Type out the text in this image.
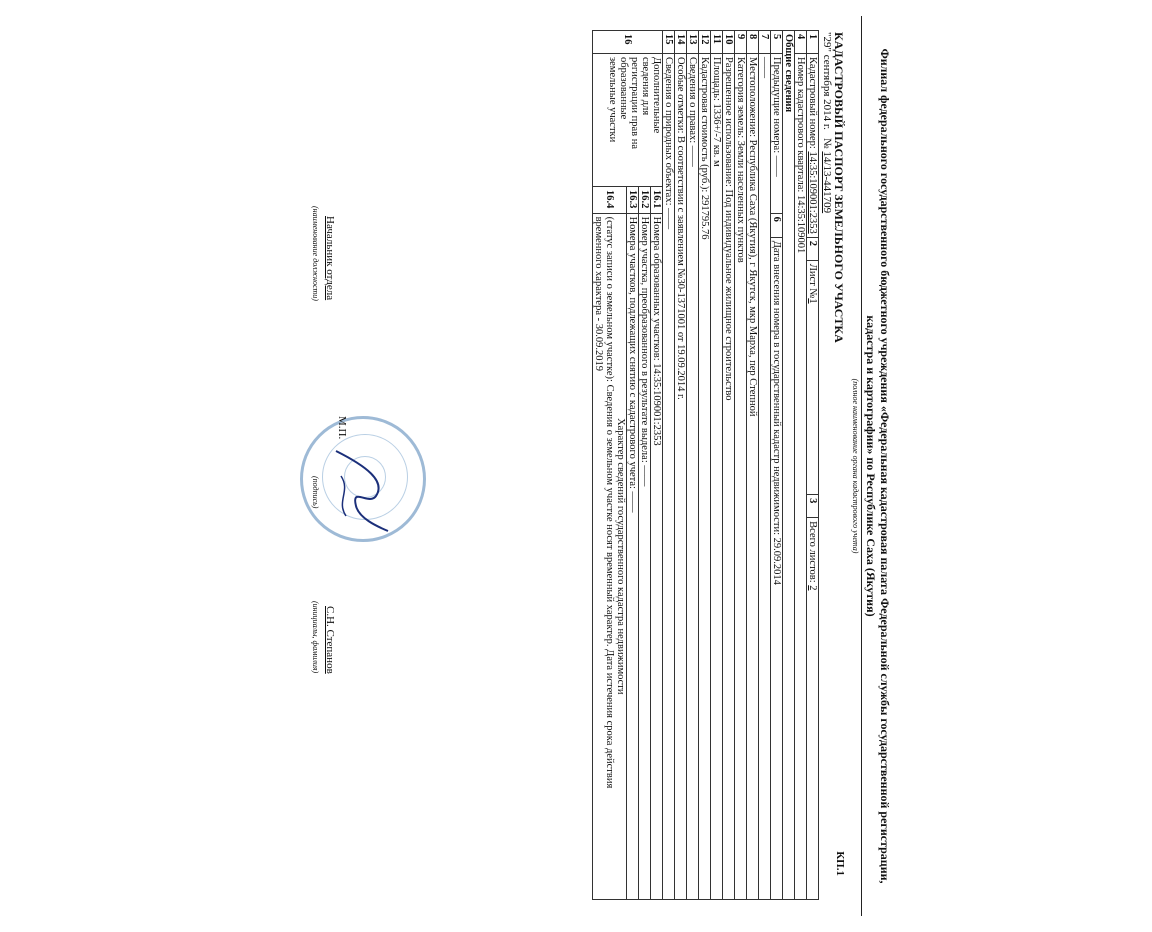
Филиал федерального государственного бюджетного учреждения «Федеральная кадастровая палата Федеральной службы государственной регистрации,
кадастра и картографии» по Республике Саха (Якутия)
(полное наименование органа кадастрового учета)
КАДАСТРОВЫЙ ПАСПОРТ ЗЕМЕЛЬНОГО УЧАСТКА
КП.1
"29" сентября 2014 г.   № 14/13-441709
1	Кадастровый номер: 14:35:109001:2353			2	Лист №1	3	Всего листов: 2
4	Номер кадастрового квартала: 14:35:109001						
Общие сведения							
5	Предыдущие номера: ——		6	Дата внесения номера в государственный кадастр недвижимости: 29.09.2014			
7	——						
8	Местоположение: Республика Саха (Якутия), г Якутск, мкр Марха, пер Степной						
9	Категория земель: Земли населенных пунктов						
10	Разрешенное использование: Под индивидуальное жилищное строительство						
11	Площадь: 1336+/-7 кв. м						
12	Кадастровая стоимость (руб.): 291795.76						
13	Сведения о правах: ——						
14	Особые отметки: В соответствии с заявлением №30-1371001 от 19.09.2014 г.						
15	Сведения о природных объектах: ——						
16	Дополнительные
сведения для
регистрации прав на
образованные
земельные участки	16.1	Номера образованных участков: 14:35:109001:2353				
		16.2	Номер участка, преобразованного в результате выдела: ——				
		16.3	Номера участков, подлежащих снятию с кадастрового учета: ——				
		16.4	Характер сведений государственного кадастра недвижимости
(статус записи о земельном участке): Сведения о земельном участке носят временный характер. Дата истечения срока действия
временного характера - 30.09.2019				
Начальник отдела
(наименование должности)
М.П.
(подпись)
С.Н. Степанов
(инициалы, фамилия)
